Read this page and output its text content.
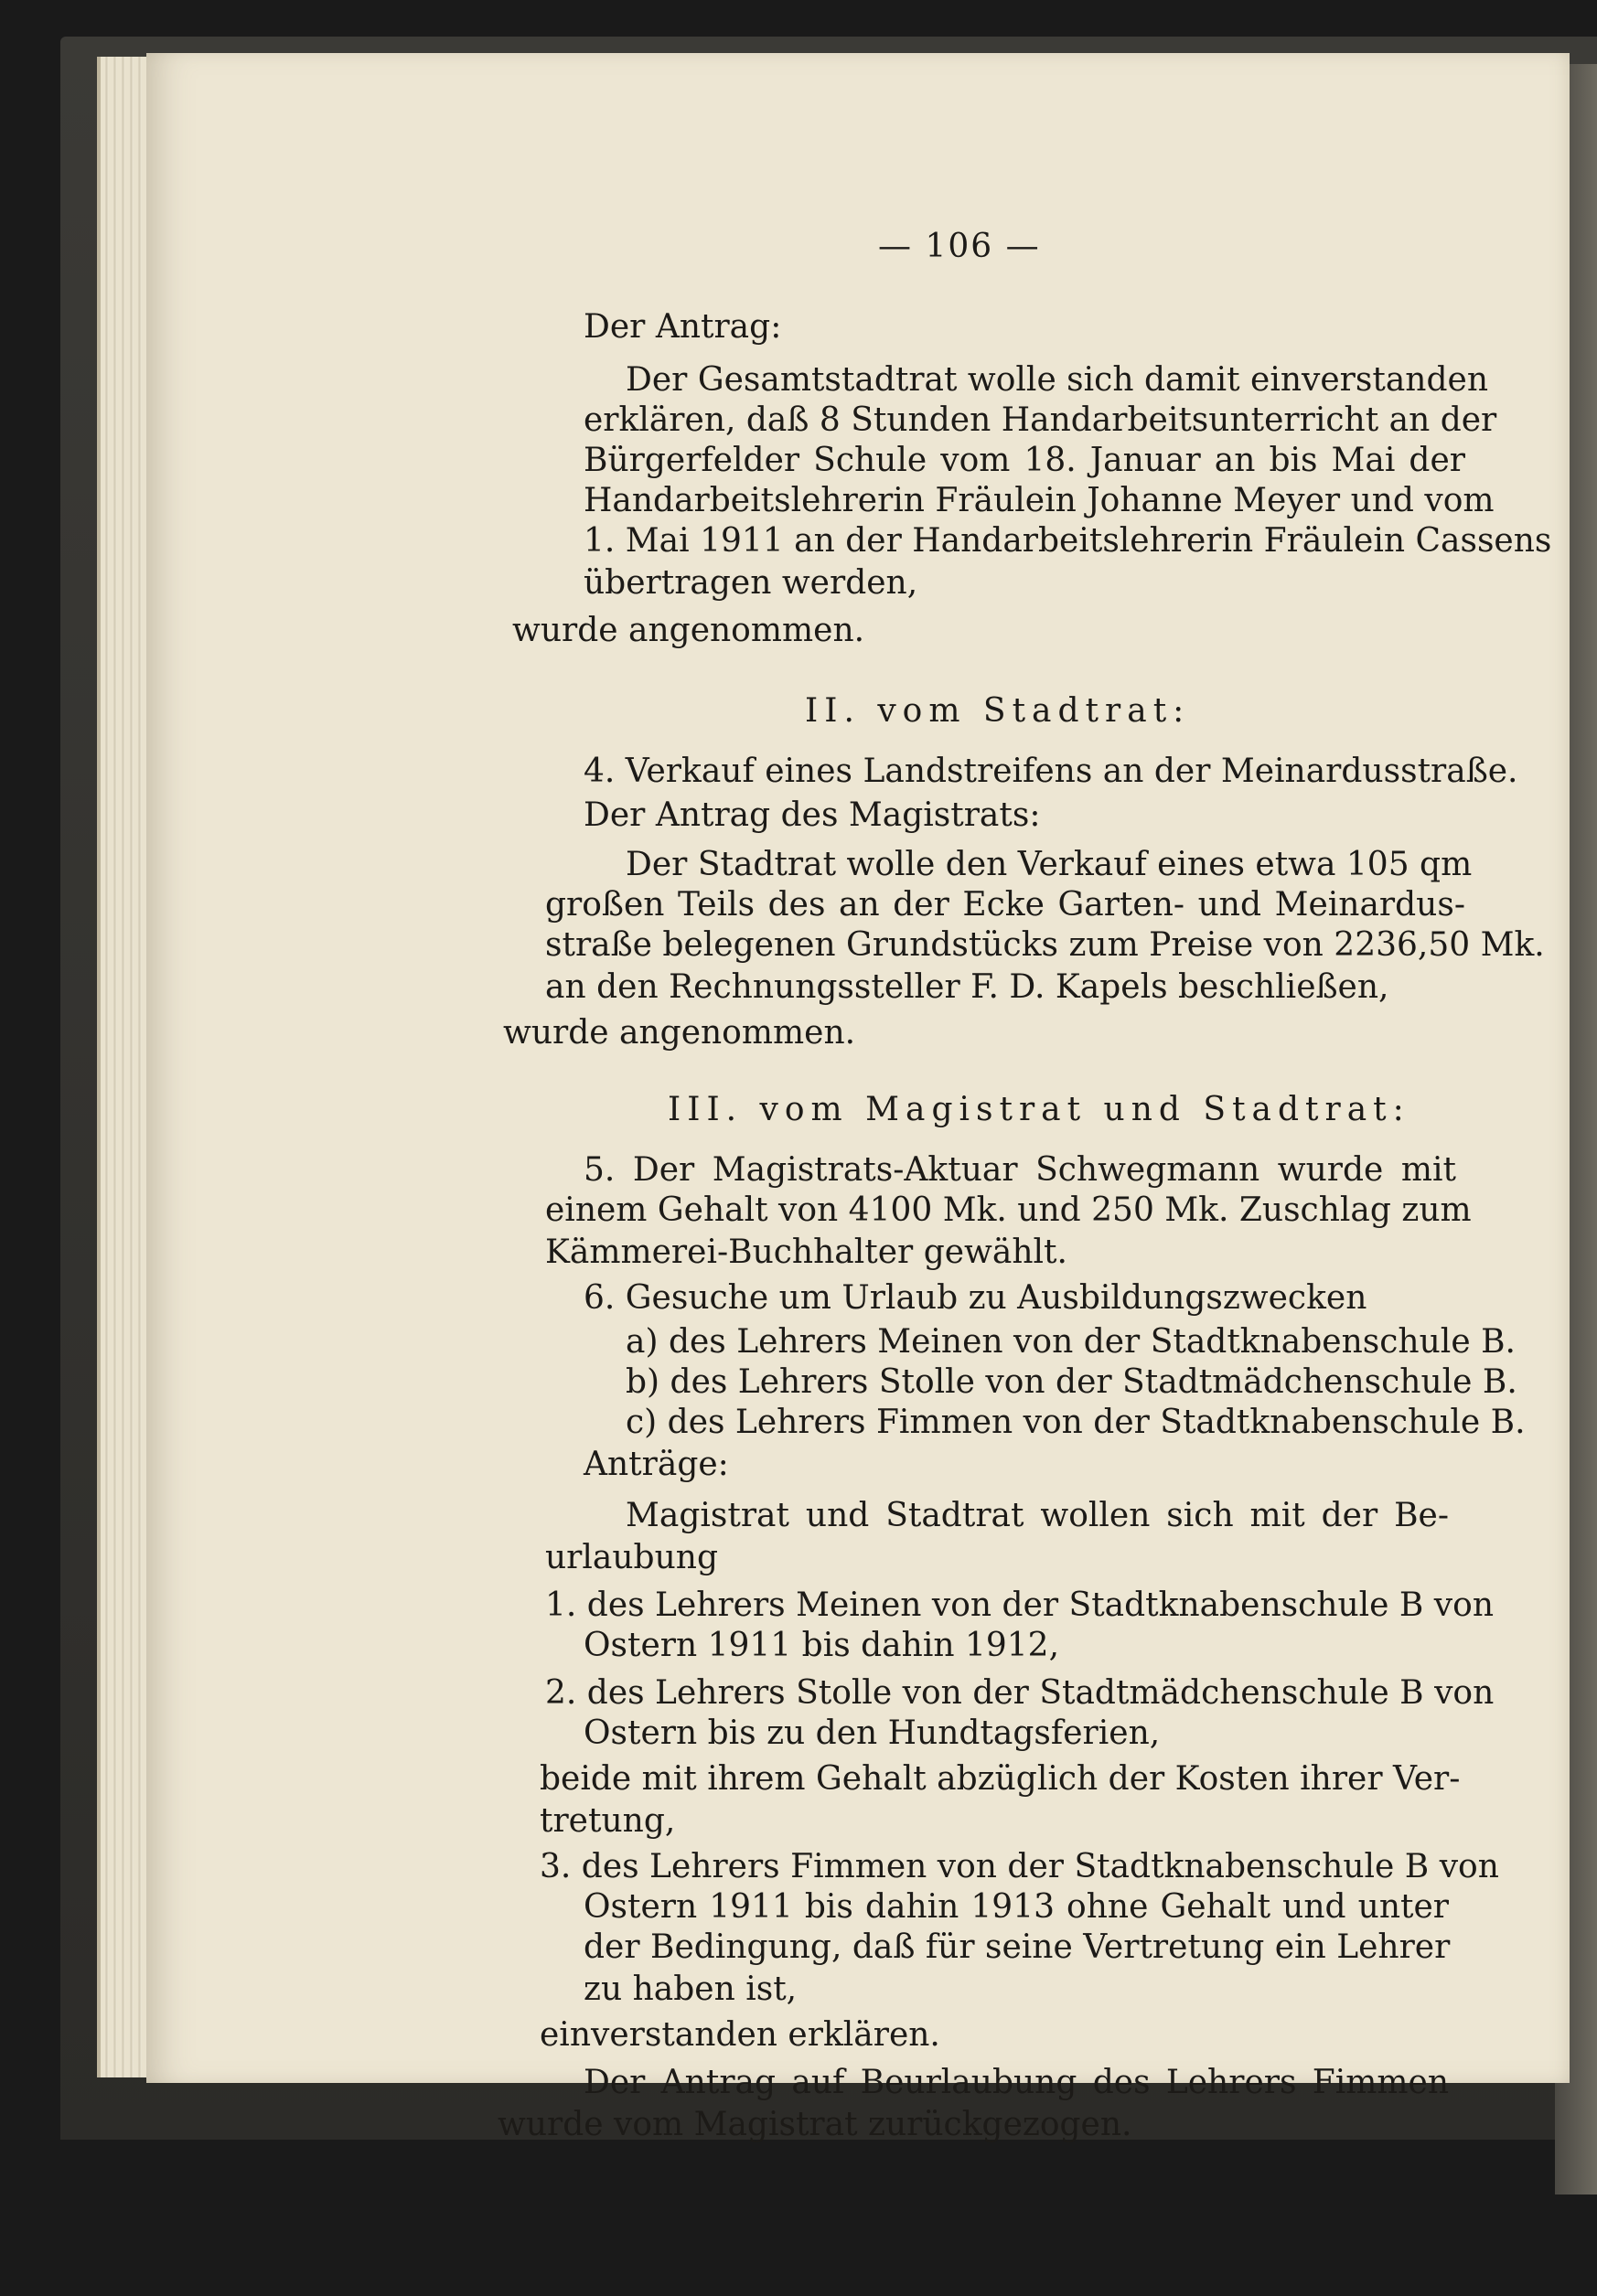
— 106 —
Der Antrag:
Der Gesamtstadtrat wolle sich damit einverstanden
erklären, daß 8 Stunden Handarbeitsunterricht an der
Bürgerfelder Schule vom 18. Januar an bis Mai der
Handarbeitslehrerin Fräulein Johanne Meyer und vom
1. Mai 1911 an der Handarbeitslehrerin Fräulein Cassens
übertragen werden,
wurde angenommen.
II. vom Stadtrat:
4. Verkauf eines Landstreifens an der Meinardusstraße.
Der Antrag des Magistrats:
Der Stadtrat wolle den Verkauf eines etwa 105 qm
großen Teils des an der Ecke Garten- und Meinardus-
straße belegenen Grundstücks zum Preise von 2236,50 Mk.
an den Rechnungssteller F. D. Kapels beschließen,
wurde angenommen.
III. vom Magistrat und Stadtrat:
5. Der Magistrats-Aktuar Schwegmann wurde mit
einem Gehalt von 4100 Mk. und 250 Mk. Zuschlag zum
Kämmerei-Buchhalter gewählt.
6. Gesuche um Urlaub zu Ausbildungszwecken
a) des Lehrers Meinen von der Stadtknabenschule B.
b) des Lehrers Stolle von der Stadtmädchenschule B.
c) des Lehrers Fimmen von der Stadtknabenschule B.
Anträge:
Magistrat und Stadtrat wollen sich mit der Be-
urlaubung
1. des Lehrers Meinen von der Stadtknabenschule B von
Ostern 1911 bis dahin 1912,
2. des Lehrers Stolle von der Stadtmädchenschule B von
Ostern bis zu den Hundtagsferien,
beide mit ihrem Gehalt abzüglich der Kosten ihrer Ver-
tretung,
3. des Lehrers Fimmen von der Stadtknabenschule B von
Ostern 1911 bis dahin 1913 ohne Gehalt und unter
der Bedingung, daß für seine Vertretung ein Lehrer
zu haben ist,
einverstanden erklären.
Der Antrag auf Beurlaubung des Lehrers Fimmen
wurde vom Magistrat zurückgezogen.
